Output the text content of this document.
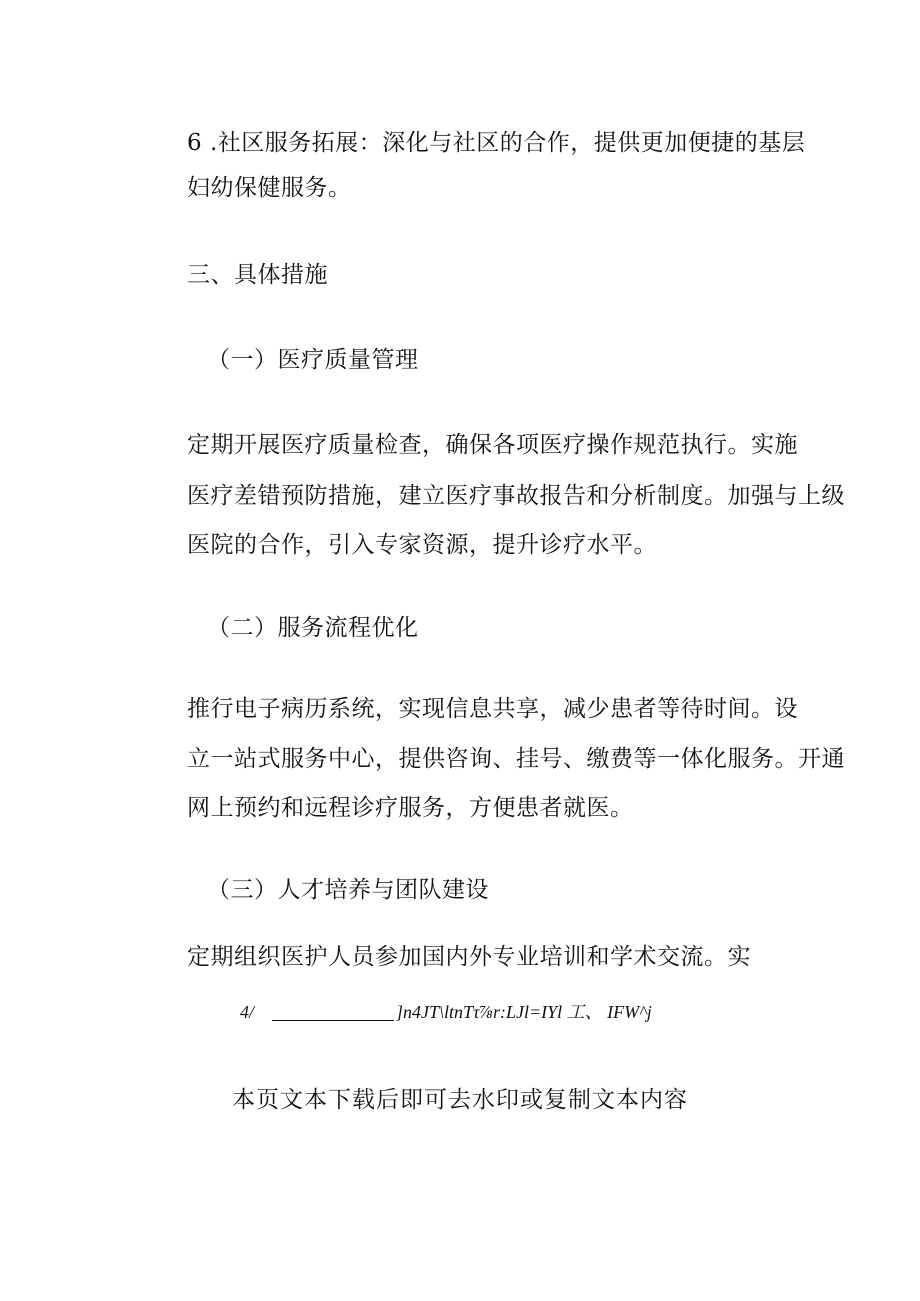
6 .社区服务拓展：深化与社区的合作，提供更加便捷的基层
妇幼保健服务。
三、具体措施
（一）医疗质量管理
定期开展医疗质量检查，确保各项医疗操作规范执行。实施
医疗差错预防措施，建立医疗事故报告和分析制度。加强与上级
医院的合作，引入专家资源，提升诊疗水平。
（二）服务流程优化
推行电子病历系统，实现信息共享，减少患者等待时间。设
立一站式服务中心，提供咨询、挂号、缴费等一体化服务。开通
网上预约和远程诊疗服务，方便患者就医。
（三）人才培养与团队建设
定期组织医护人员参加国内外专业培训和学术交流。实
4/	]n4JT\ltnTτ⅞r:LJl=IYl 工、 IFW^j
本页文本下载后即可去水印或复制文本内容
